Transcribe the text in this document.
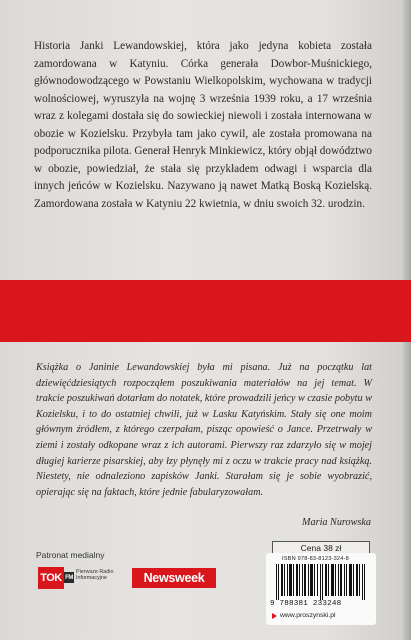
Historia Janki Lewandowskiej, która jako jedyna kobieta została zamordowana w Katyniu. Córka generała Dowbor-Muśnickiego, głównodowodzącego w Powstaniu Wielkopolskim, wychowana w tradycji wolnościowej, wyruszyła na wojnę 3 września 1939 roku, a 17 września wraz z kolegami dostała się do sowieckiej niewoli i została internowana w obozie w Kozielsku. Przybyła tam jako cywil, ale została promowana na podporucznika pilota. Generał Henryk Minkiewicz, który objął dowództwo w obozie, powiedział, że stała się przykładem odwagi i wsparcia dla innych jeńców w Kozielsku. Nazywano ją nawet Matką Boską Kozielską. Zamordowana została w Katyniu 22 kwietnia, w dniu swoich 32. urodzin.

Książka o Janinie Lewandowskiej była mi pisana. Już na początku lat dziewięćdziesiątych rozpocząłem poszukiwania materiałów na jej temat. W trakcie poszukiwań dotarłam do notatek, które prowadzili jeńcy w czasie pobytu w Kozielsku, i to do ostatniej chwili, już w Lasku Katyńskim. Stały się one moim głównym źródłem, z którego czerpałam, pisząc opowieść o Jance. Przetrwały w ziemi i zostały odkopane wraz z ich autorami. Pierwszy raz zdarzyło się w mojej długiej karierze pisarskiej, aby łzy płynęły mi z oczu w trakcie pracy nad książką. Niestety, nie odnaleziono zapisków Janki. Starałam się je sobie wyobrazić, opierając się na faktach, które jednie fabularyzowałam.

Maria Nurowska
Patronat medialny
TOK FM
Pierwsze Radio Informacyjne	Newsweek
Cena 38 zł
ISBN 978-83-8123-324-8
9 788381 233248
www.proszynski.pl
